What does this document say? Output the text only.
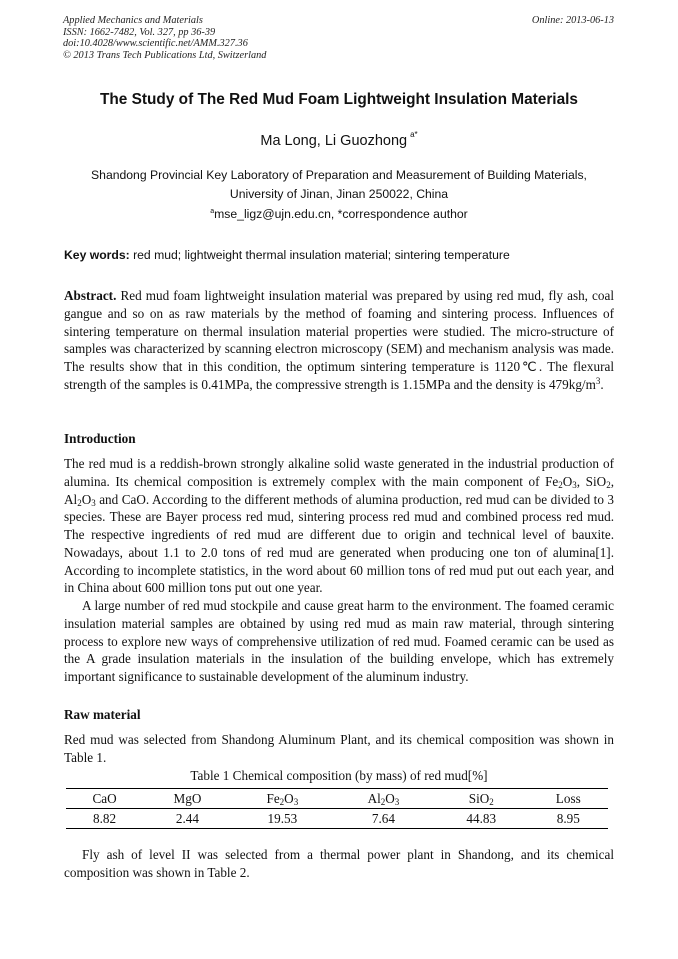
Applied Mechanics and Materials
ISSN: 1662-7482, Vol. 327, pp 36-39
doi:10.4028/www.scientific.net/AMM.327.36
© 2013 Trans Tech Publications Ltd, Switzerland
Online: 2013-06-13
The Study of The Red Mud Foam Lightweight Insulation Materials
Ma Long, Li Guozhong $^{a*}$
Shandong Provincial Key Laboratory of Preparation and Measurement of Building Materials,
University of Jinan, Jinan 250022, China
$^a$mse_ligz@ujn.edu.cn, *correspondence author
Key words: red mud; lightweight thermal insulation material; sintering temperature
Abstract. Red mud foam lightweight insulation material was prepared by using red mud, fly ash, coal gangue and so on as raw materials by the method of foaming and sintering process. Influences of sintering temperature on thermal insulation material properties were studied. The micro-structure of samples was characterized by scanning electron microscopy (SEM) and mechanism analysis was made. The results show that in this condition, the optimum sintering temperature is 1120℃. The flexural strength of the samples is 0.41MPa, the compressive strength is 1.15MPa and the density is $479kg/m^3$.
Introduction
The red mud is a reddish-brown strongly alkaline solid waste generated in the industrial production of alumina. Its chemical composition is extremely complex with the main component of $Fe_2O_3$, SiO$_2$, $Al_2O_3$ and CaO. According to the different methods of alumina production, red mud can be divided to 3 species. These are Bayer process red mud, sintering process red mud and combined process red mud. The respective ingredients of red mud are different due to origin and technical level of bauxite. Nowadays, about 1.1 to 2.0 tons of red mud are generated when producing one ton of alumina[1]. According to incomplete statistics, in the word about 60 million tons of red mud put out each year, and in China about 600 million tons put out one year.
A large number of red mud stockpile and cause great harm to the environment. The foamed ceramic insulation material samples are obtained by using red mud as main raw material, through sintering process to explore new ways of comprehensive utilization of red mud. Foamed ceramic can be used as the A grade insulation materials in the insulation of the building envelope, which has extremely important significance to sustainable development of the aluminum industry.
Raw material
Red mud was selected from Shandong Aluminum Plant, and its chemical composition was shown in Table 1.
Table 1 Chemical composition (by mass) of red mud[%]
CaO	MgO	$Fe_2O_3$	$Al_2O_3$	SiO$_2$	Loss
8.82	2.44	19.53	7.64	44.83	8.95
Fly ash of level II was selected from a thermal power plant in Shandong, and its chemical composition was shown in Table 2.
